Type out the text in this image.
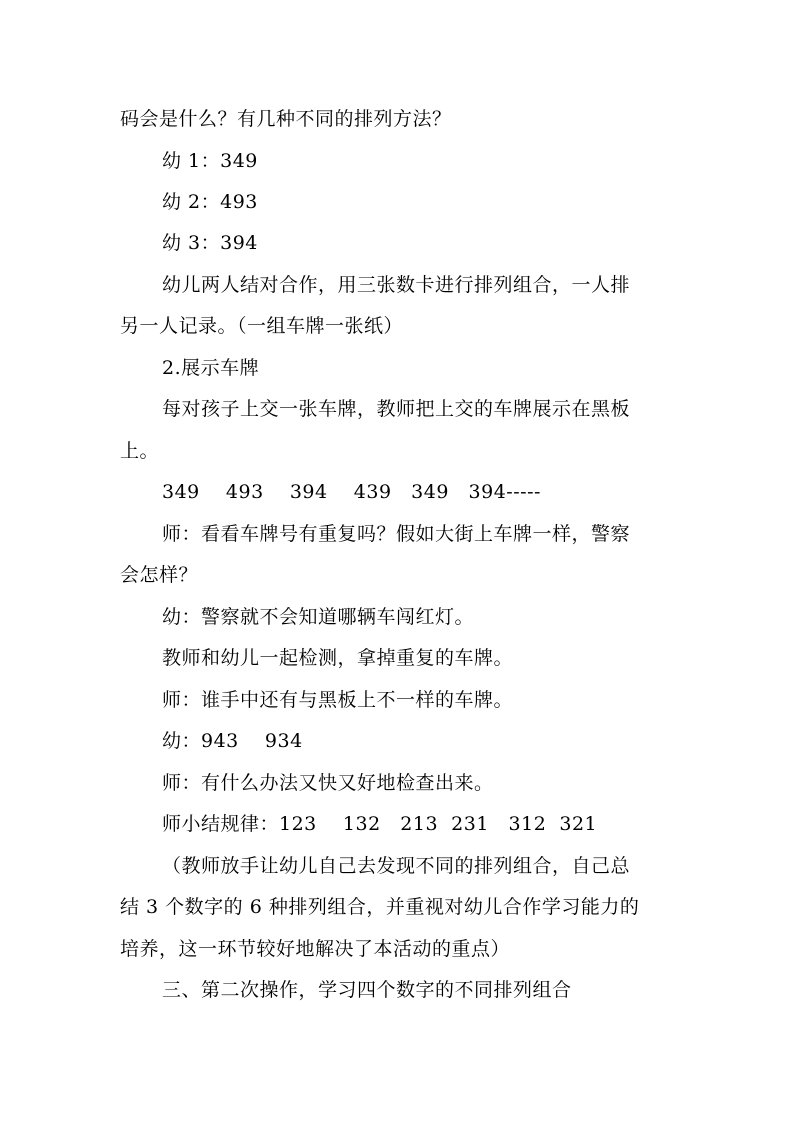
码会是什么？有几种不同的排列方法？
幼 1：349
幼 2：493
幼 3：394
幼儿两人结对合作，用三张数卡进行排列组合，一人排
另一人记录。（一组车牌一张纸）
2.展示车牌
每对孩子上交一张车牌，教师把上交的车牌展示在黑板
上。
349    493    394    439   349   394-----
师：看看车牌号有重复吗？假如大街上车牌一样，警察
会怎样？
幼：警察就不会知道哪辆车闯红灯。
教师和幼儿一起检测，拿掉重复的车牌。
师：谁手中还有与黑板上不一样的车牌。
幼：943    934
师：有什么办法又快又好地检查出来。
师小结规律：123    132   213  231   312  321
（教师放手让幼儿自己去发现不同的排列组合，自己总
结 3 个数字的 6 种排列组合，并重视对幼儿合作学习能力的
培养，这一环节较好地解决了本活动的重点）
三、第二次操作，学习四个数字的不同排列组合
